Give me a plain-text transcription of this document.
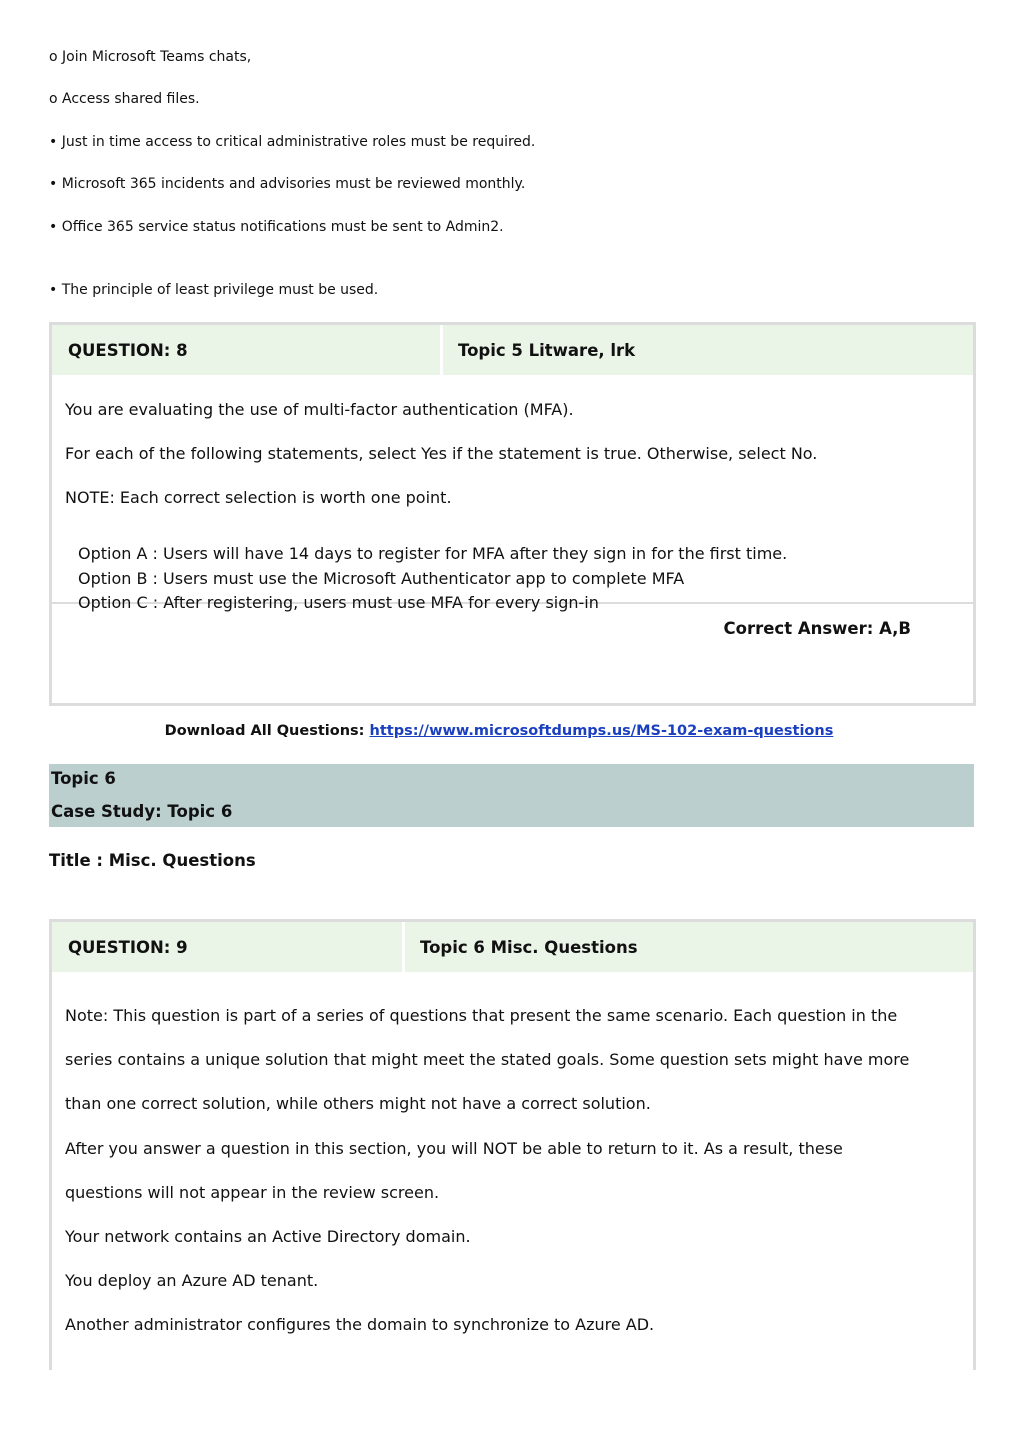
o Join Microsoft Teams chats,
o Access shared files.
• Just in time access to critical administrative roles must be required.
• Microsoft 365 incidents and advisories must be reviewed monthly.
• Office 365 service status notifications must be sent to Admin2.
• The principle of least privilege must be used.
QUESTION: 8	Topic 5 Litware, lrk

You are evaluating the use of multi-factor authentication (MFA).

For each of the following statements, select Yes if the statement is true. Otherwise, select No.

NOTE: Each correct selection is worth one point.

Option A : Users will have 14 days to register for MFA after they sign in for the first time.

Option B : Users must use the Microsoft Authenticator app to complete MFA

Option C : After registering, users must use MFA for every sign-in

Correct Answer: A,B
Download All Questions: https://www.microsoftdumps.us/MS-102-exam-questions
Topic 6
Case Study: Topic 6
Title : Misc. Questions
QUESTION: 9	Topic 6 Misc. Questions

Note: This question is part of a series of questions that present the same scenario. Each question in the

series contains a unique solution that might meet the stated goals. Some question sets might have more

than one correct solution, while others might not have a correct solution.

After you answer a question in this section, you will NOT be able to return to it. As a result, these

questions will not appear in the review screen.

Your network contains an Active Directory domain.

You deploy an Azure AD tenant.

Another administrator configures the domain to synchronize to Azure AD.
